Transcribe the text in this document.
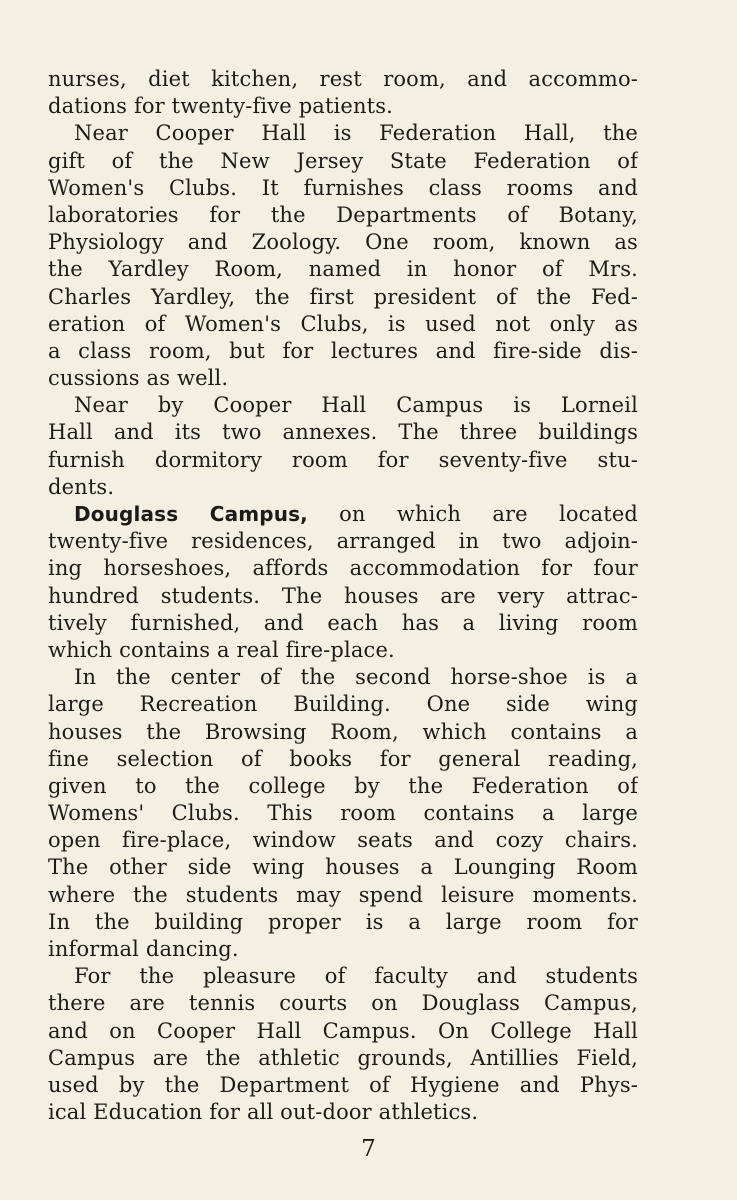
nurses, diet kitchen, rest room, and accommo-
dations for twenty-five patients.
Near Cooper Hall is Federation Hall, the
gift of the New Jersey State Federation of
Women's Clubs. It furnishes class rooms and
laboratories for the Departments of Botany,
Physiology and Zoology. One room, known as
the Yardley Room, named in honor of Mrs.
Charles Yardley, the first president of the Fed-
eration of Women's Clubs, is used not only as
a class room, but for lectures and fire-side dis-
cussions as well.
Near by Cooper Hall Campus is Lorneil
Hall and its two annexes. The three buildings
furnish dormitory room for seventy-five stu-
dents.
Douglass Campus, on which are located
twenty-five residences, arranged in two adjoin-
ing horseshoes, affords accommodation for four
hundred students. The houses are very attrac-
tively furnished, and each has a living room
which contains a real fire-place.
In the center of the second horse-shoe is a
large Recreation Building. One side wing
houses the Browsing Room, which contains a
fine selection of books for general reading,
given to the college by the Federation of
Womens' Clubs. This room contains a large
open fire-place, window seats and cozy chairs.
The other side wing houses a Lounging Room
where the students may spend leisure moments.
In the building proper is a large room for
informal dancing.
For the pleasure of faculty and students
there are tennis courts on Douglass Campus,
and on Cooper Hall Campus. On College Hall
Campus are the athletic grounds, Antillies Field,
used by the Department of Hygiene and Phys-
ical Education for all out-door athletics.
7
